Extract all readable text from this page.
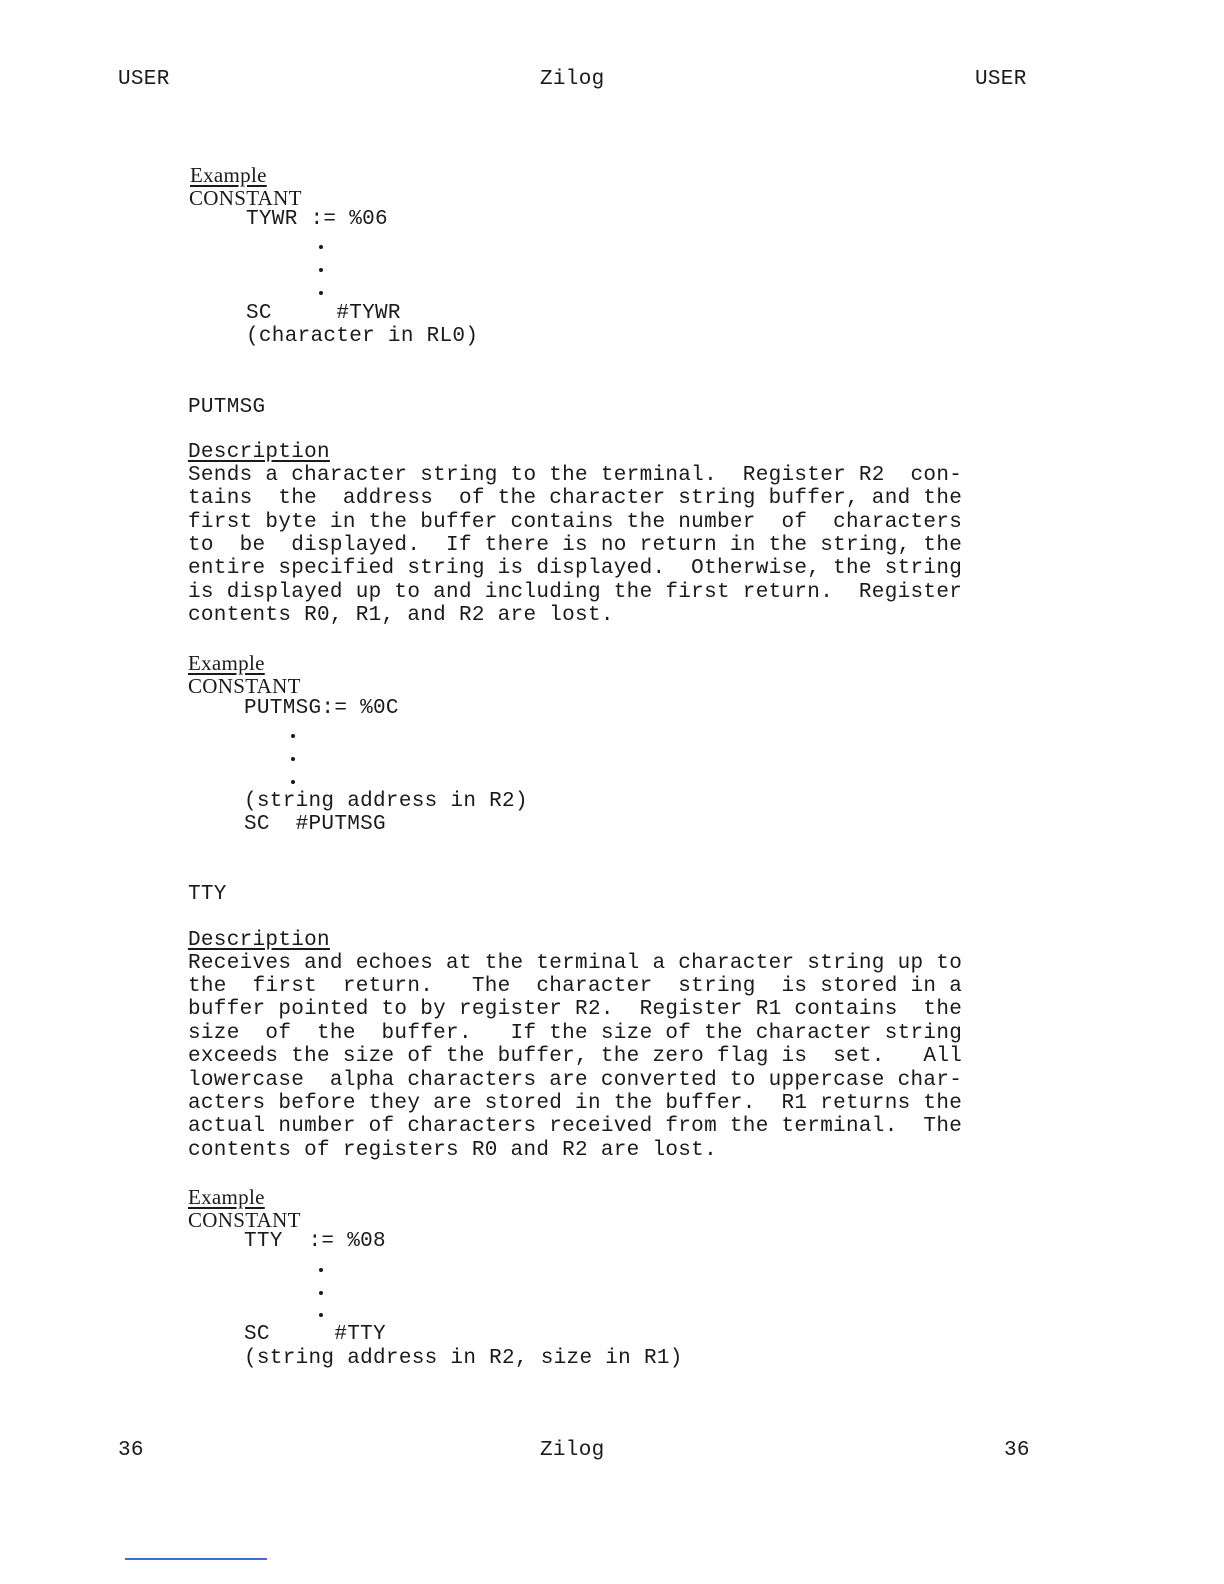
USER	Zilog	USER
Example
CONSTANT
TYWR := %06
SC     #TYWR
(character in RL0)
PUTMSG
Description
Sends a character string to the terminal.  Register R2  con-
tains  the  address  of the character string buffer, and the
first byte in the buffer contains the number  of  characters
to  be  displayed.  If there is no return in the string, the
entire specified string is displayed.  Otherwise, the string
is displayed up to and including the first return.  Register
contents R0, R1, and R2 are lost.
Example
CONSTANT
PUTMSG:= %0C
(string address in R2)
SC  #PUTMSG
TTY
Description
Receives and echoes at the terminal a character string up to
the  first  return.   The  character  string  is stored in a
buffer pointed to by register R2.  Register R1 contains  the
size  of  the  buffer.   If the size of the character string
exceeds the size of the buffer, the zero flag is  set.   All
lowercase  alpha characters are converted to uppercase char-
acters before they are stored in the buffer.  R1 returns the
actual number of characters received from the terminal.  The
contents of registers R0 and R2 are lost.
Example
CONSTANT
TTY  := %08
SC     #TTY
(string address in R2, size in R1)
36	Zilog	36
